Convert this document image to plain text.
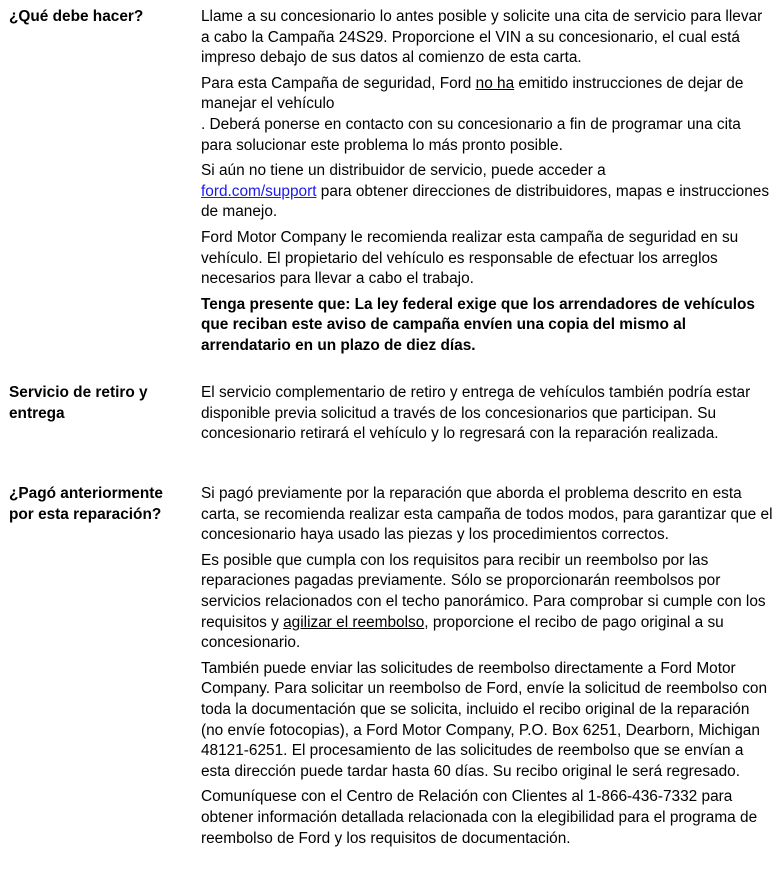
¿Qué debe hacer?	Llame a su concesionario lo antes posible y solicite una cita de servicio para llevar a cabo la Campaña 24S29. Proporcione el VIN a su concesionario, el cual está impreso debajo de sus datos al comienzo de esta carta.

Para esta Campaña de seguridad, Ford no ha emitido instrucciones de dejar de manejar el vehículo
. Deberá ponerse en contacto con su concesionario a fin de programar una cita para solucionar este problema lo más pronto posible.

Si aún no tiene un distribuidor de servicio, puede acceder a
ford.com/support para obtener direcciones de distribuidores, mapas e instrucciones de manejo.

Ford Motor Company le recomienda realizar esta campaña de seguridad en su vehículo. El propietario del vehículo es responsable de efectuar los arreglos necesarios para llevar a cabo el trabajo.

Tenga presente que: La ley federal exige que los arrendadores de vehículos que reciban este aviso de campaña envíen una copia del mismo al arrendatario en un plazo de diez días.

Servicio de retiro y entrega

El servicio complementario de retiro y entrega de vehículos también podría estar disponible previa solicitud a través de los concesionarios que participan. Su concesionario retirará el vehículo y lo regresará con la reparación realizada.

¿Pagó anteriormente por esta reparación?

Si pagó previamente por la reparación que aborda el problema descrito en esta carta, se recomienda realizar esta campaña de todos modos, para garantizar que el concesionario haya usado las piezas y los procedimientos correctos.

Es posible que cumpla con los requisitos para recibir un reembolso por las reparaciones pagadas previamente. Sólo se proporcionarán reembolsos por servicios relacionados con el techo panorámico. Para comprobar si cumple con los requisitos y agilizar el reembolso, proporcione el recibo de pago original a su concesionario.

También puede enviar las solicitudes de reembolso directamente a Ford Motor Company. Para solicitar un reembolso de Ford, envíe la solicitud de reembolso con toda la documentación que se solicita, incluido el recibo original de la reparación (no envíe fotocopias), a Ford Motor Company, P.O. Box 6251, Dearborn, Michigan 48121-6251. El procesamiento de las solicitudes de reembolso que se envían a esta dirección puede tardar hasta 60 días. Su recibo original le será regresado.

Comuníquese con el Centro de Relación con Clientes al 1-866-436-7332 para obtener información detallada relacionada con la elegibilidad para el programa de reembolso de Ford y los requisitos de documentación.
